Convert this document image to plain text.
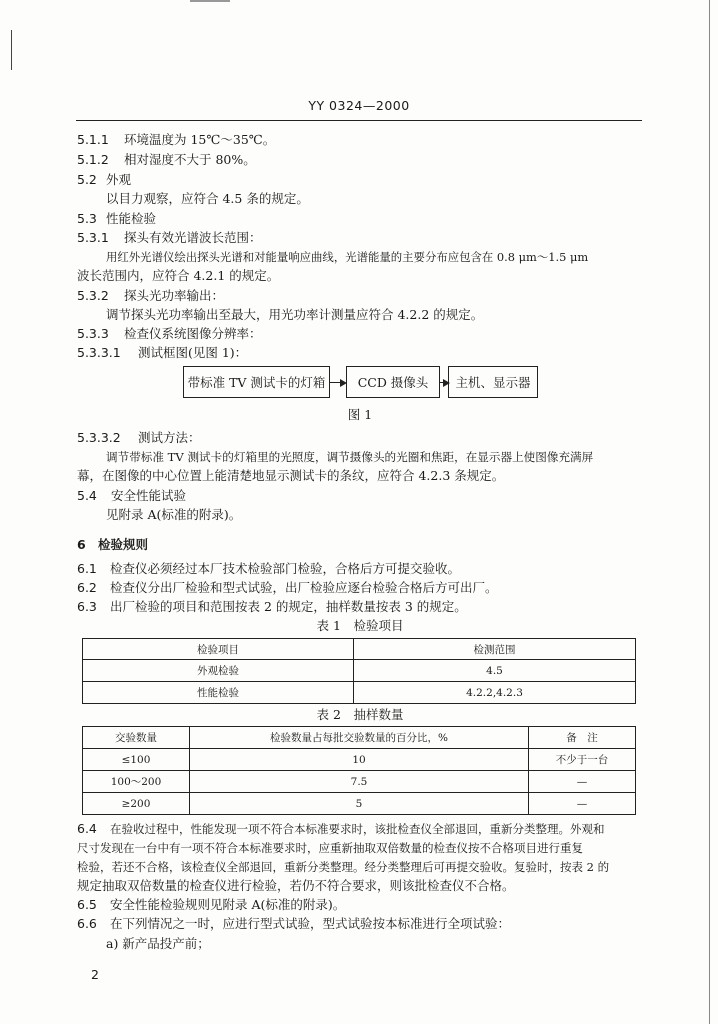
YY 0324—2000
5.1.1 环境温度为 15℃～35℃。
5.1.2 相对湿度不大于 80%。
5.2 外观
以目力观察，应符合 4.5 条的规定。
5.3 性能检验
5.3.1 探头有效光谱波长范围：
用红外光谱仪绘出探头光谱和对能量响应曲线，光谱能量的主要分布应包含在 0.8 μm～1.5 μm
波长范围内，应符合 4.2.1 的规定。
5.3.2 探头光功率输出：
调节探头光功率输出至最大，用光功率计测量应符合 4.2.2 的规定。
5.3.3 检查仪系统图像分辨率：
5.3.3.1 测试框图(见图 1)：
带标准 TV 测试卡的灯箱	CCD 摄像头	主机、显示器
图 1
5.3.3.2 测试方法：
调节带标准 TV 测试卡的灯箱里的光照度，调节摄像头的光圈和焦距，在显示器上使图像充满屏
幕，在图像的中心位置上能清楚地显示测试卡的条纹，应符合 4.2.3 条规定。
5.4 安全性能试验
见附录 A(标准的附录)。
6 检验规则
6.1 检查仪必须经过本厂技术检验部门检验，合格后方可提交验收。
6.2 检查仪分出厂检验和型式试验，出厂检验应逐台检验合格后方可出厂。
6.3 出厂检验的项目和范围按表 2 的规定，抽样数量按表 3 的规定。
表 1　检验项目
检验项目	检测范围
外观检验	4.5
性能检验	4.2.2,4.2.3
表 2　抽样数量
交验数量	检验数量占每批交验数量的百分比，%	备　注
≤100	10	不少于一台
100～200	7.5	—
≥200	5	—
6.4 在验收过程中，性能发现一项不符合本标准要求时，该批检查仪全部退回，重新分类整理。外观和
尺寸发现在一台中有一项不符合本标准要求时，应重新抽取双倍数量的检查仪按不合格项目进行重复
检验，若还不合格，该检查仪全部退回，重新分类整理。经分类整理后可再提交验收。复验时，按表 2 的
规定抽取双倍数量的检查仪进行检验，若仍不符合要求，则该批检查仪不合格。
6.5 安全性能检验规则见附录 A(标准的附录)。
6.6 在下列情况之一时，应进行型式试验，型式试验按本标准进行全项试验：
a) 新产品投产前；
2
